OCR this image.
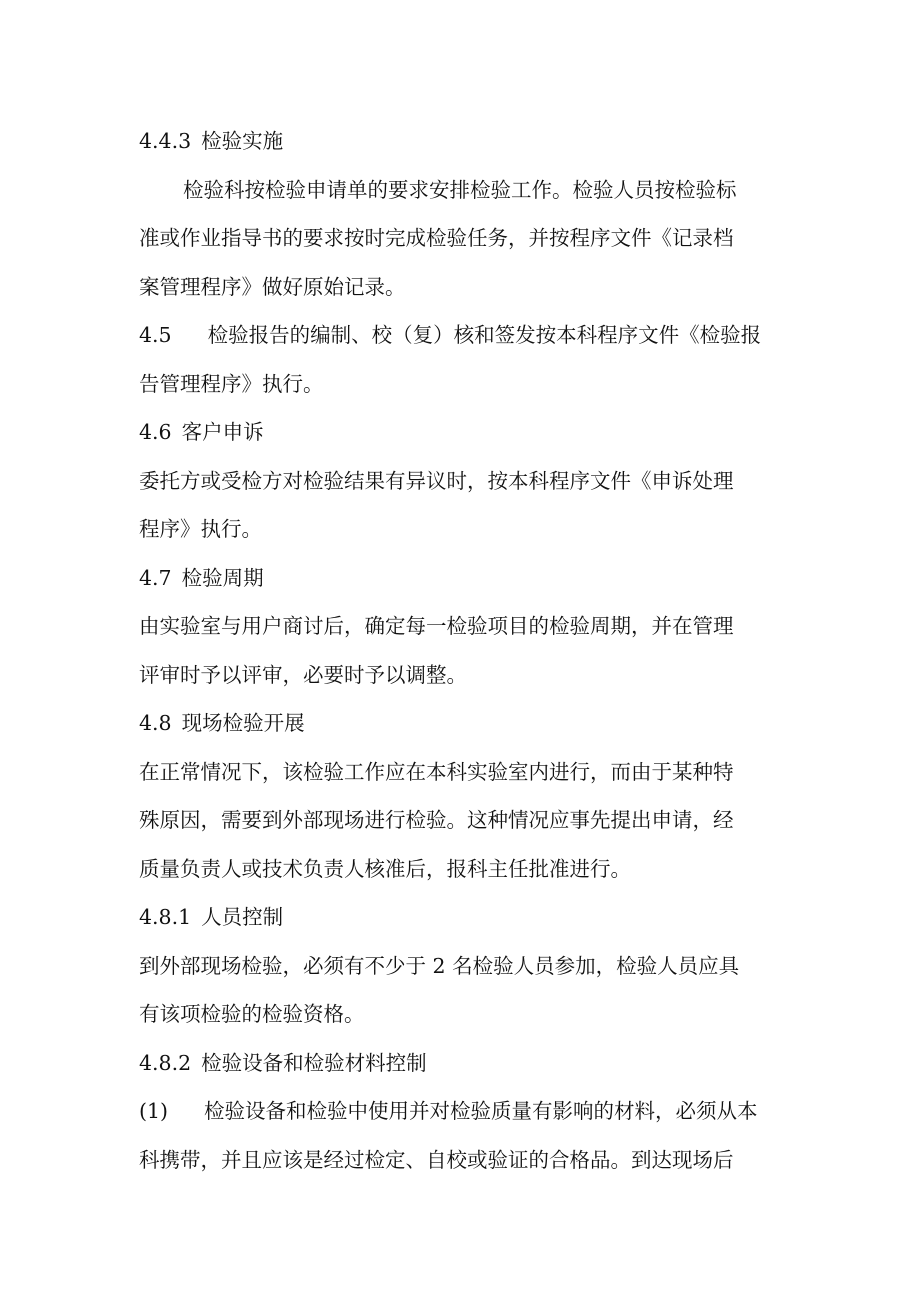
4.4.3 检验实施
检验科按检验申请单的要求安排检验工作。检验人员按检验标
准或作业指导书的要求按时完成检验任务，并按程序文件《记录档
案管理程序》做好原始记录。
4.5 检验报告的编制、校（复）核和签发按本科程序文件《检验报
告管理程序》执行。
4.6 客户申诉
委托方或受检方对检验结果有异议时，按本科程序文件《申诉处理
程序》执行。
4.7 检验周期
由实验室与用户商讨后，确定每一检验项目的检验周期，并在管理
评审时予以评审，必要时予以调整。
4.8 现场检验开展
在正常情况下，该检验工作应在本科实验室内进行，而由于某种特
殊原因，需要到外部现场进行检验。这种情况应事先提出申请，经
质量负责人或技术负责人核准后，报科主任批准进行。
4.8.1 人员控制
到外部现场检验，必须有不少于 2 名检验人员参加，检验人员应具
有该项检验的检验资格。
4.8.2 检验设备和检验材料控制
(1) 检验设备和检验中使用并对检验质量有影响的材料，必须从本
科携带，并且应该是经过检定、自校或验证的合格品。到达现场后
